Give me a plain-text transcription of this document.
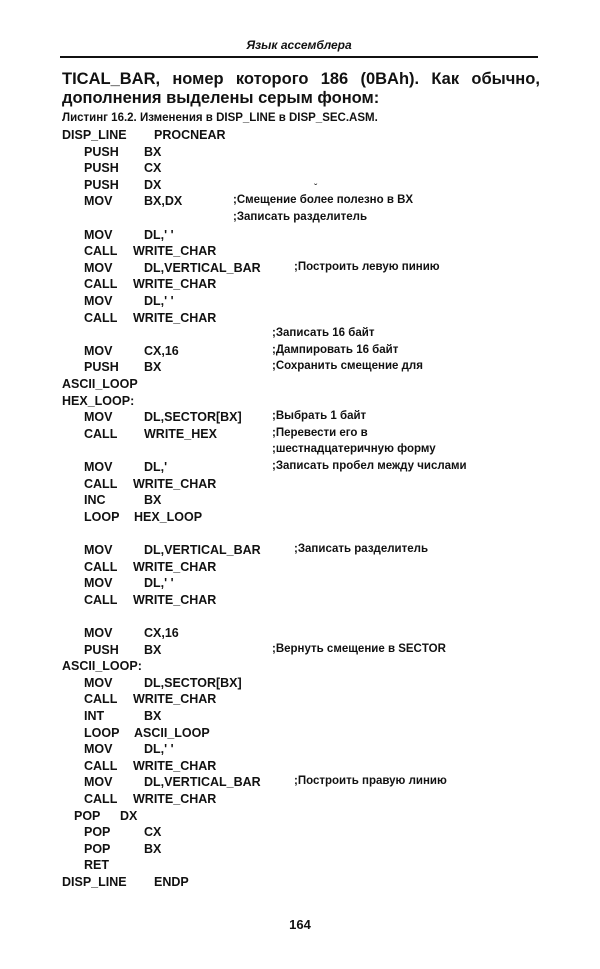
Язык ассемблера
TICAL_BAR, номер которого 186 (0BAh). Как обычно,
дополнения выделены серым фоном:
Листинг 16.2. Изменения в DISP_LINE в DISP_SEC.ASM.
DISP_LINE PROCNEAR
PUSH BX
PUSH CX
PUSH DX
MOV	BX,DX	;Смещение более полезно в BX
;Записать разделитель
MOV	DL,' '
CALL WRITE_CHAR
MOV	DL,VERTICAL_BAR	;Построить левую пинию
CALL WRITE_CHAR
MOV	DL,' '
CALL WRITE_CHAR
;Записать 16 байт
MOV	CX,16	;Дампировать 16 байт
PUSH BX	;Сохранить смещение для
ASCII_LOOP
HEX_LOOP:
MOV	DL,SECTOR[BX]	;Выбрать 1 байт
CALL WRITE_HEX	;Перевести его в
;шестнадцатеричную форму
MOV	DL,'	;Записать пробел между числами
CALL WRITE_CHAR
INC	BX
LOOP HEX_LOOP
MOV	DL,VERTICAL_BAR	;Записать разделитель
CALL WRITE_CHAR
MOV	DL,' '
CALL WRITE_CHAR
MOV	CX,16
PUSH BX	;Вернуть смещение в SECTOR
ASCII_LOOP:
MOV	DL,SECTOR[BX]
CALL WRITE_CHAR
INT	BX
LOOP ASCII_LOOP
MOV	DL,' '
CALL WRITE_CHAR
MOV	DL,VERTICAL_BAR	;Построить правую линию
CALL WRITE_CHAR
POP DX
POP	CX
POP	BX
RET
DISP_LINE ENDP
ˇ
164
